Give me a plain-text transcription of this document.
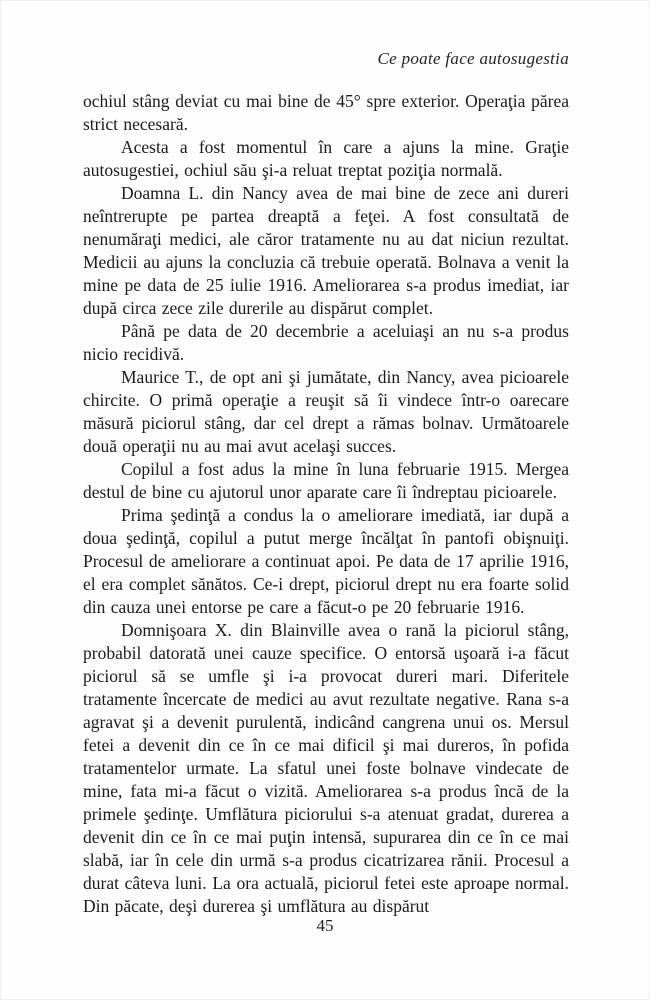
Ce poate face autosugestia

ochiul stâng deviat cu mai bine de 45° spre exterior. Operaţia părea strict necesară.

Acesta a fost momentul în care a ajuns la mine. Graţie autosugestiei, ochiul său şi-a reluat treptat poziţia normală.

Doamna L. din Nancy avea de mai bine de zece ani dureri neîntrerupte pe partea dreaptă a feţei. A fost consultată de nenumăraţi medici, ale căror tratamente nu au dat niciun rezultat. Medicii au ajuns la concluzia că trebuie operată. Bolnava a venit la mine pe data de 25 iulie 1916. Ameliorarea s-a produs imediat, iar după circa zece zile durerile au dispărut complet.

Până pe data de 20 decembrie a aceluiaşi an nu s-a produs nicio recidivă.

Maurice T., de opt ani şi jumătate, din Nancy, avea picioarele chircite. O primă operaţie a reuşit să îi vindece într-o oarecare măsură piciorul stâng, dar cel drept a rămas bolnav. Următoarele două operaţii nu au mai avut acelaşi succes.

Copilul a fost adus la mine în luna februarie 1915. Mergea destul de bine cu ajutorul unor aparate care îi îndreptau picioarele.

Prima şedinţă a condus la o ameliorare imediată, iar după a doua şedinţă, copilul a putut merge încălţat în pantofi obişnuiţi. Procesul de ameliorare a continuat apoi. Pe data de 17 aprilie 1916, el era complet sănătos. Ce-i drept, piciorul drept nu era foarte solid din cauza unei entorse pe care a făcut-o pe 20 februarie 1916.

Domnişoara X. din Blainville avea o rană la piciorul stâng, probabil datorată unei cauze specifice. O entorsă uşoară i-a făcut piciorul să se umfle şi i-a provocat dureri mari. Diferitele tratamente încercate de medici au avut rezultate negative. Rana s-a agravat şi a devenit purulentă, indicând cangrena unui os. Mersul fetei a devenit din ce în ce mai dificil şi mai dureros, în pofida tratamentelor urmate. La sfatul unei foste bolnave vindecate de mine, fata mi-a făcut o vizită. Ameliorarea s-a produs încă de la primele şedinţe. Umflătura piciorului s-a atenuat gradat, durerea a devenit din ce în ce mai puţin intensă, supurarea din ce în ce mai slabă, iar în cele din urmă s-a produs cicatrizarea rănii. Procesul a durat câteva luni. La ora actuală, piciorul fetei este aproape normal. Din păcate, deşi durerea şi umflătura au dispărut

45
